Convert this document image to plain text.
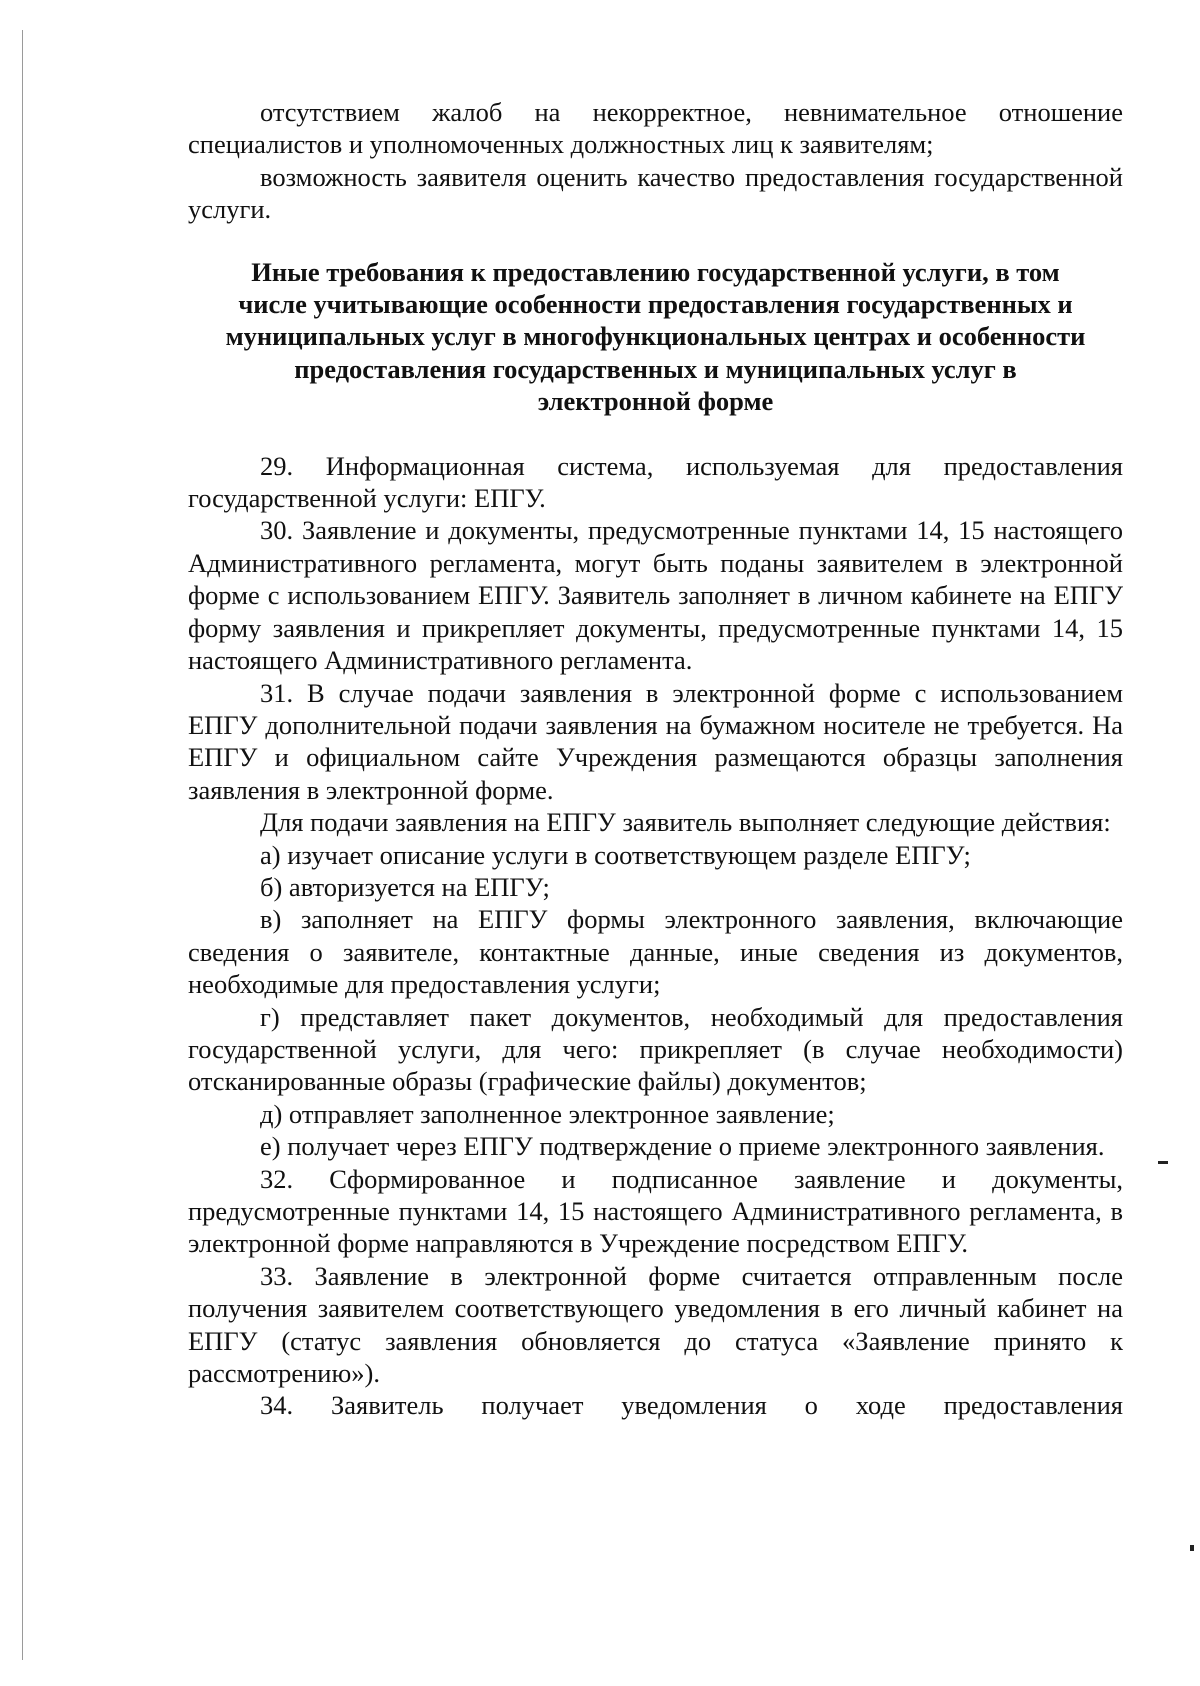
отсутствием жалоб на некорректное, невнимательное отношение специалистов и уполномоченных должностных лиц к заявителям;

возможность заявителя оценить качество предоставления государственной услуги.

Иные требования к предоставлению государственной услуги, в том
числе учитывающие особенности предоставления государственных и
муниципальных услуг в многофункциональных центрах и особенности
предоставления государственных и муниципальных услуг в
электронной форме

29. Информационная система, используемая для предоставления государственной услуги: ЕПГУ.

30. Заявление и документы, предусмотренные пунктами 14, 15 настоящего Административного регламента, могут быть поданы заявителем в электронной форме с использованием ЕПГУ. Заявитель заполняет в личном кабинете на ЕПГУ форму заявления и прикрепляет документы, предусмотренные пунктами 14, 15 настоящего Административного регламента.

31. В случае подачи заявления в электронной форме с использованием ЕПГУ дополнительной подачи заявления на бумажном носителе не требуется. На ЕПГУ и официальном сайте Учреждения размещаются образцы заполнения заявления в электронной форме.

Для подачи заявления на ЕПГУ заявитель выполняет следующие действия:

а) изучает описание услуги в соответствующем разделе ЕПГУ;

б) авторизуется на ЕПГУ;

в) заполняет на ЕПГУ формы электронного заявления, включающие сведения о заявителе, контактные данные, иные сведения из документов, необходимые для предоставления услуги;

г) представляет пакет документов, необходимый для предоставления государственной услуги, для чего: прикрепляет (в случае необходимости) отсканированные образы (графические файлы) документов;

д) отправляет заполненное электронное заявление;

е) получает через ЕПГУ подтверждение о приеме электронного заявления.

32. Сформированное и подписанное заявление и документы, предусмотренные пунктами 14, 15 настоящего Административного регламента, в электронной форме направляются в Учреждение посредством ЕПГУ.

33. Заявление в электронной форме считается отправленным после получения заявителем соответствующего уведомления в его личный кабинет на ЕПГУ (статус заявления обновляется до статуса «Заявление принято к рассмотрению»).

34. Заявитель получает уведомления о ходе предоставления
